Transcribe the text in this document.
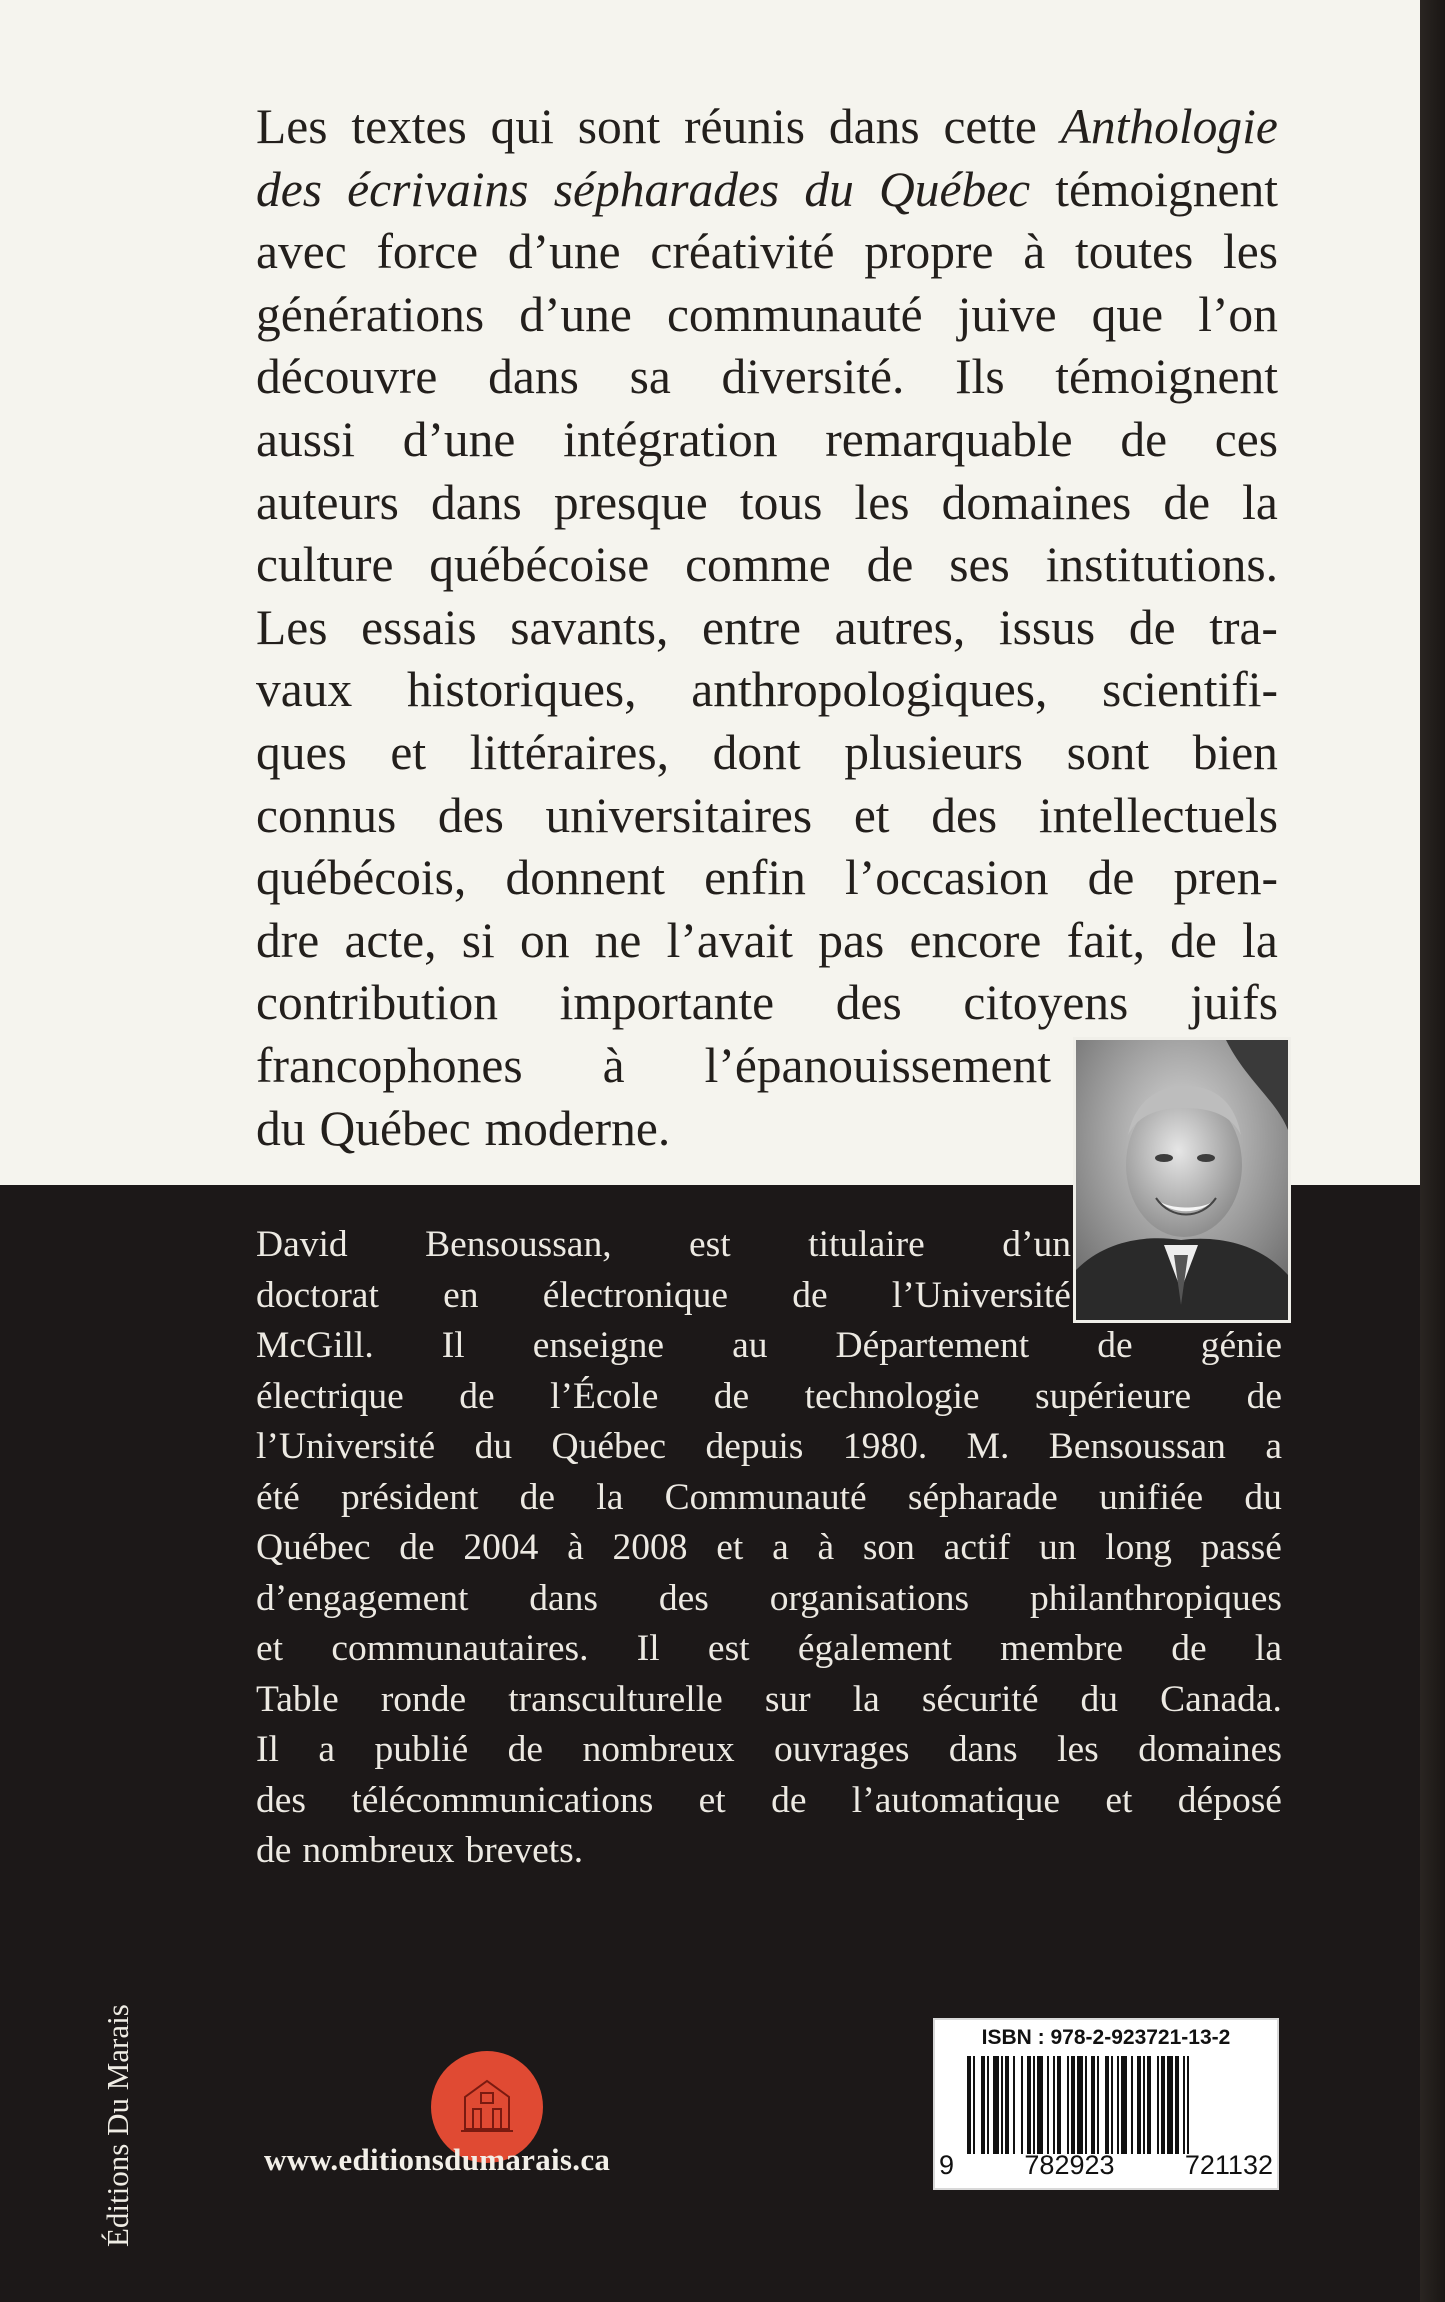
Les textes qui sont réunis dans cette Anthologie
des écrivains sépharades du Québec témoignent
avec force d’une créativité propre à toutes les
générations d’une communauté juive que l’on
découvre dans sa diversité. Ils témoignent
aussi d’une intégration remarquable de ces
auteurs dans presque tous les domaines de la
culture québécoise comme de ses institutions.
Les essais savants, entre autres, issus de tra-
vaux historiques, anthropologiques, scientifi-
ques et littéraires, dont plusieurs sont bien
connus des universitaires et des intellectuels
québécois, donnent enfin l’occasion de pren-
dre acte, si on ne l’avait pas encore fait, de la
contribution importante des citoyens juifs
francophones à l’épanouissement
du Québec moderne.
David Bensoussan, est titulaire d’un
doctorat en électronique de l’Université
McGill. Il enseigne au Département de génie
électrique de l’École de technologie supérieure de
l’Université du Québec depuis 1980. M. Bensoussan a
été président de la Communauté sépharade unifiée du
Québec de 2004 à 2008 et a à son actif un long passé
d’engagement dans des organisations philanthropiques
et communautaires. Il est également membre de la
Table ronde transculturelle sur la sécurité du Canada.
Il a publié de nombreux ouvrages dans les domaines
des télécommunications et de l’automatique et déposé
de nombreux brevets.
Éditions Du Marais	www.editionsdumarais.ca
ISBN : 978-2-923721-13-2
9	782923	721132
